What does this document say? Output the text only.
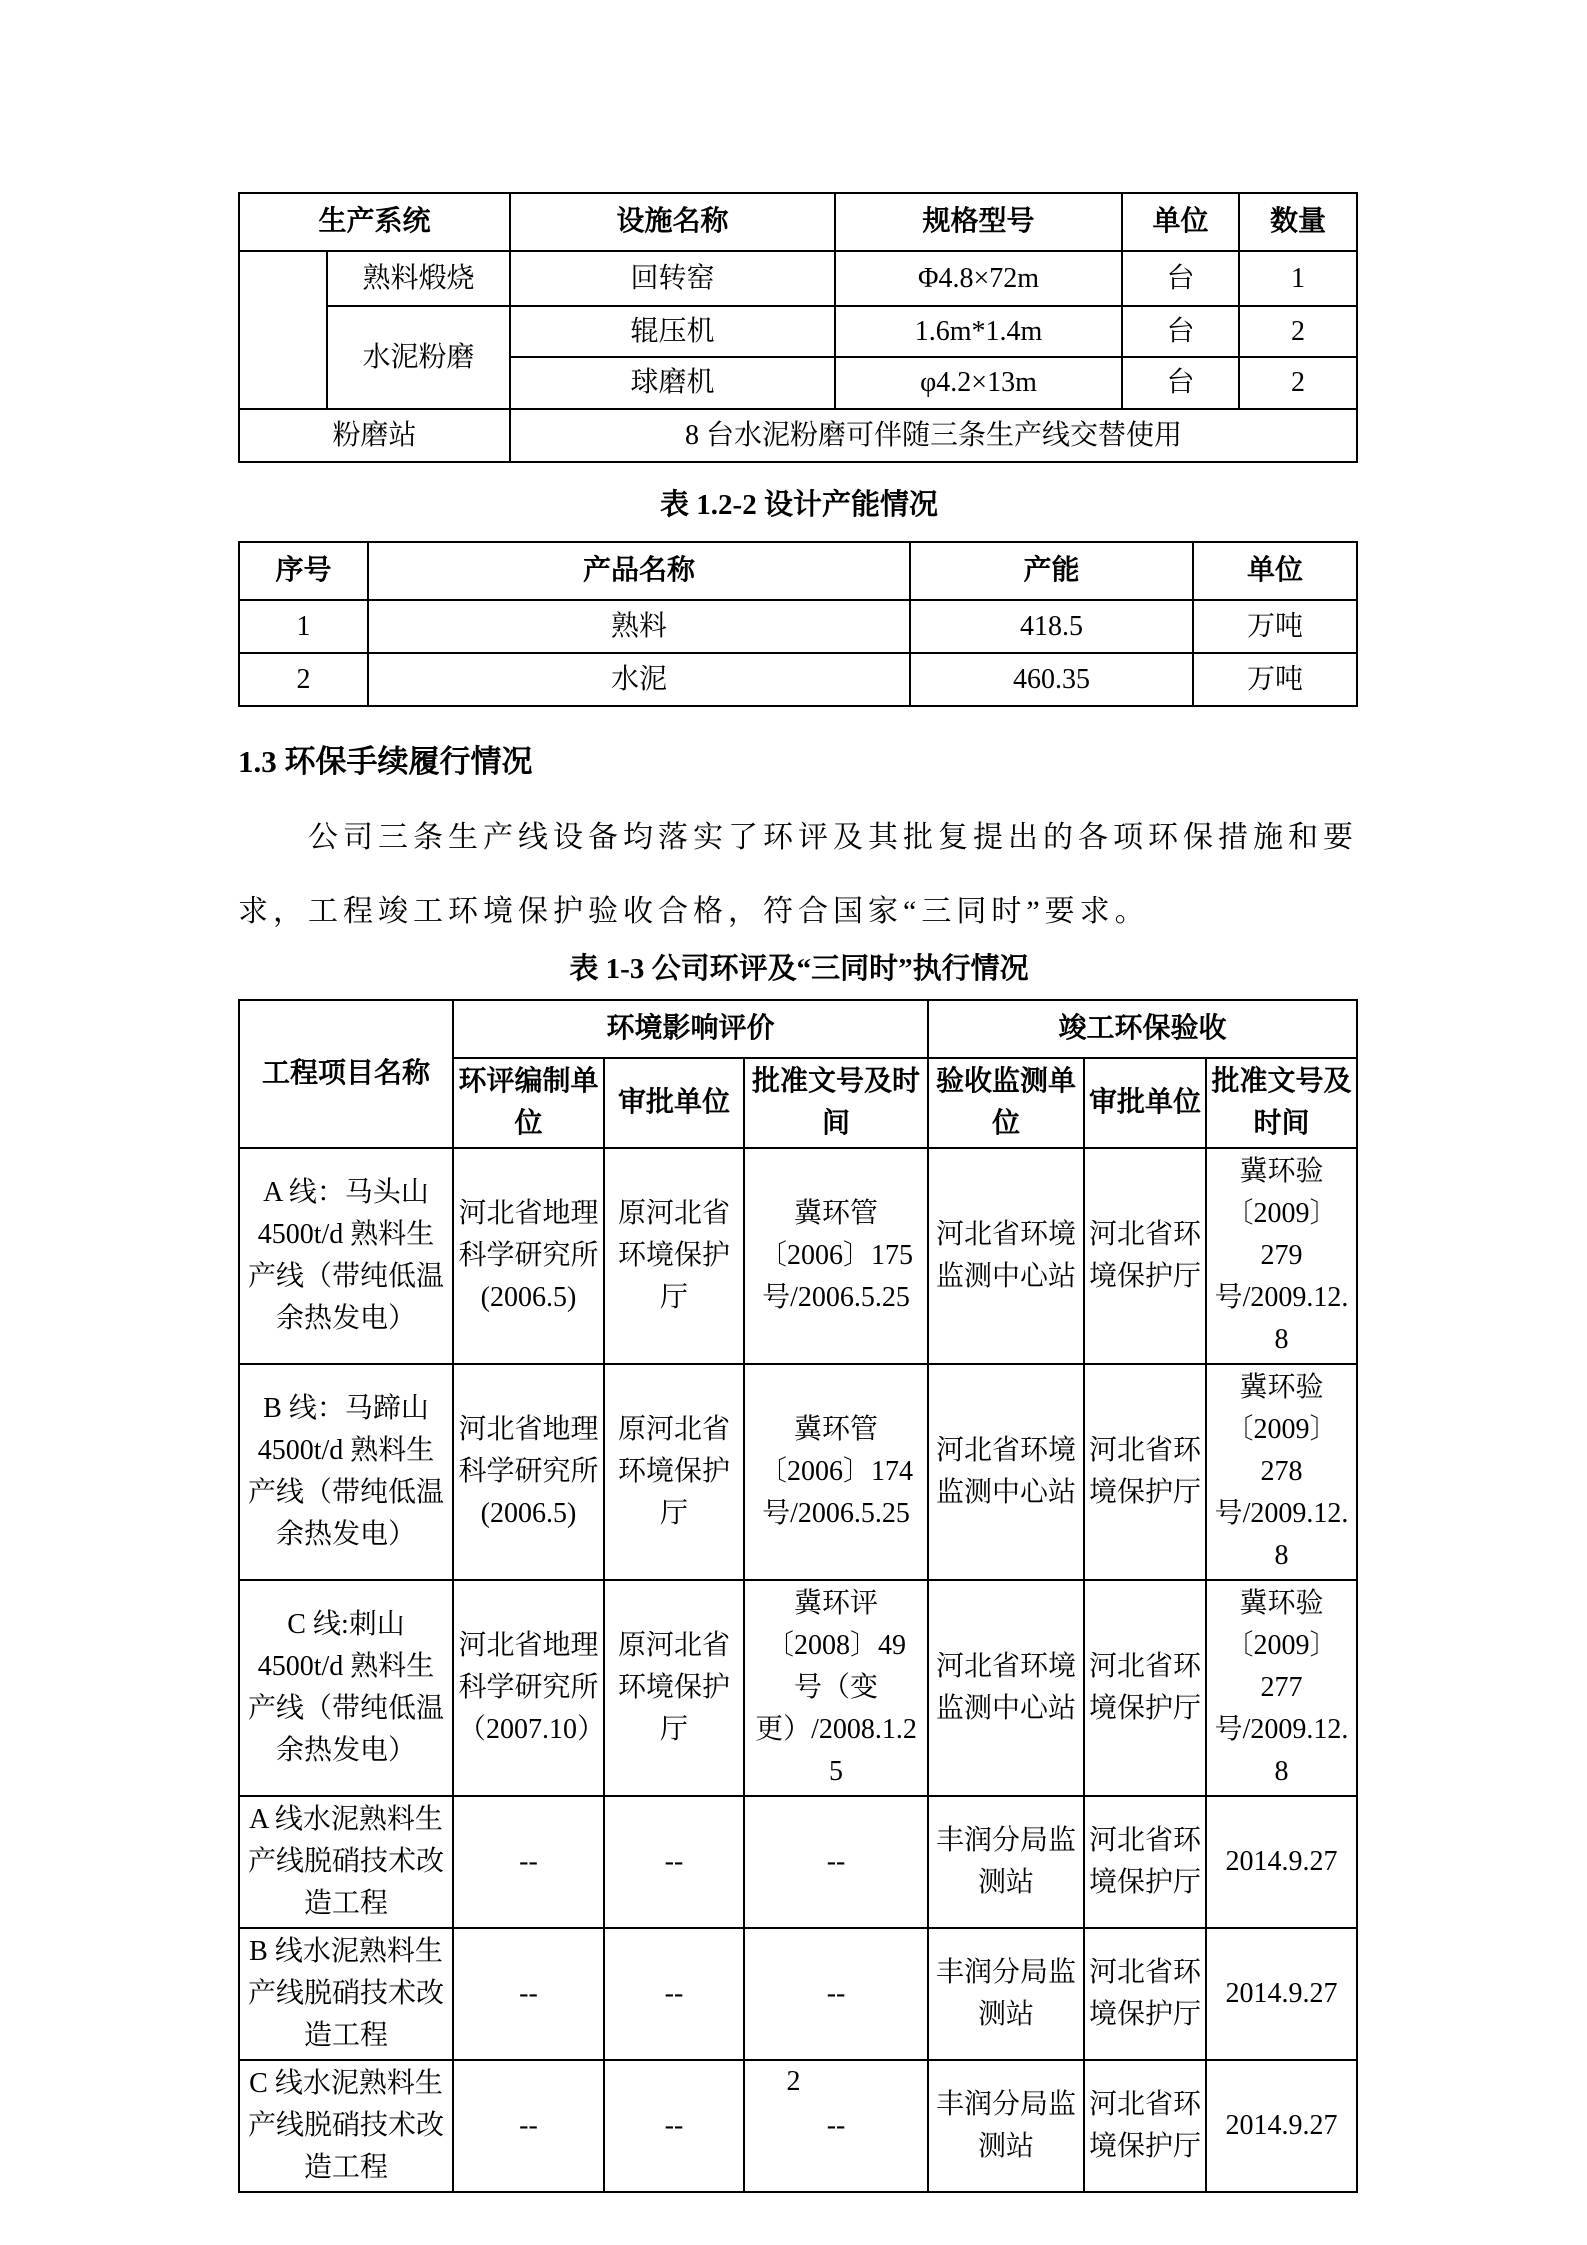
生产系统		设施名称	规格型号	单位	数量
	熟料煅烧	回转窑	Φ4.8×72m	台	1
	水泥粉磨	辊压机	1.6m*1.4m	台	2
		球磨机	φ4.2×13m	台	2
粉磨站		8 台水泥粉磨可伴随三条生产线交替使用			
表 1.2-2 设计产能情况
序号	产品名称	产能	单位
1	熟料	418.5	万吨
2	水泥	460.35	万吨
1.3 环保手续履行情况
公司三条生产线设备均落实了环评及其批复提出的各项环保措施和要求，工程竣工环境保护验收合格，符合国家“三同时”要求。
表 1-3 公司环评及“三同时”执行情况
工程项目名称	环境影响评价			竣工环保验收		
	环评编制单位	审批单位	批准文号及时间	验收监测单位	审批单位	批准文号及时间
A 线：马头山 4500t/d 熟料生产线（带纯低温余热发电）	河北省地理科学研究所(2006.5)	原河北省环境保护厅	冀环管〔2006〕175 号/2006.5.25	河北省环境监测中心站	河北省环境保护厅	冀环验〔2009〕279 号/2009.12.8
B 线：马蹄山 4500t/d 熟料生产线（带纯低温余热发电）	河北省地理科学研究所(2006.5)	原河北省环境保护厅	冀环管〔2006〕174 号/2006.5.25	河北省环境监测中心站	河北省环境保护厅	冀环验〔2009〕278 号/2009.12.8
C 线:刺山 4500t/d 熟料生产线（带纯低温余热发电）	河北省地理科学研究所（2007.10）	原河北省环境保护厅	冀环评〔2008〕49 号（变更）/2008.1.25	河北省环境监测中心站	河北省环境保护厅	冀环验〔2009〕277 号/2009.12.8
A 线水泥熟料生产线脱硝技术改造工程	--	--	--	丰润分局监测站	河北省环境保护厅	2014.9.27
B 线水泥熟料生产线脱硝技术改造工程	--	--	--	丰润分局监测站	河北省环境保护厅	2014.9.27
C 线水泥熟料生产线脱硝技术改造工程	--	--	--	丰润分局监测站	河北省环境保护厅	2014.9.27
2
